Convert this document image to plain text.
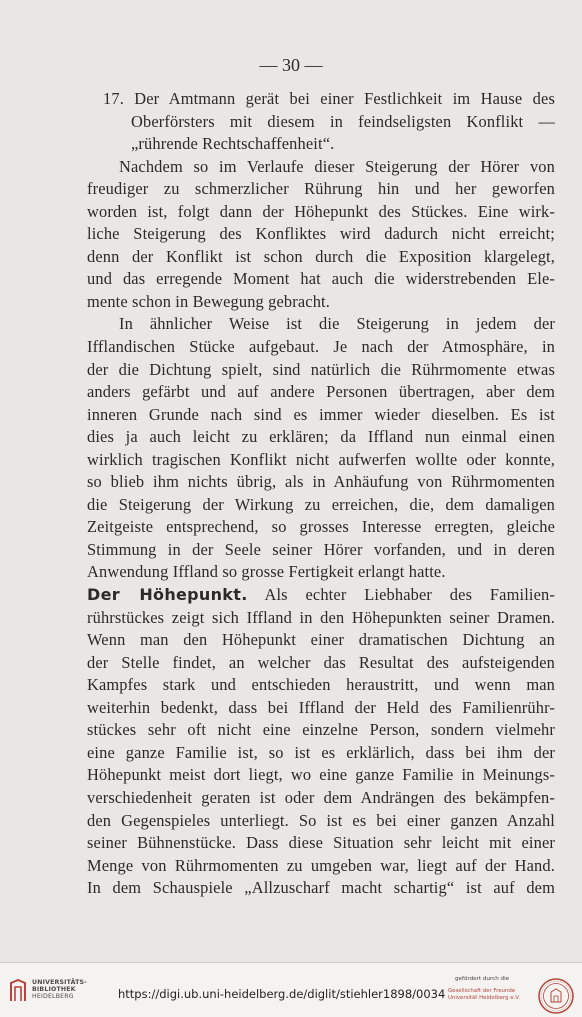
— 30 —
17. Der Amtmann gerät bei einer Festlichkeit im Hause des
Oberförsters mit diesem in feindseligsten Konflikt —
„rührende Rechtschaffenheit“.
Nachdem so im Verlaufe dieser Steigerung der Hörer von
freudiger zu schmerzlicher Rührung hin und her geworfen
worden ist, folgt dann der Höhepunkt des Stückes. Eine wirk-
liche Steigerung des Konfliktes wird dadurch nicht erreicht;
denn der Konflikt ist schon durch die Exposition klargelegt,
und das erregende Moment hat auch die widerstrebenden Ele-
mente schon in Bewegung gebracht.
In ähnlicher Weise ist die Steigerung in jedem der
Ifflandischen Stücke aufgebaut. Je nach der Atmosphäre, in
der die Dichtung spielt, sind natürlich die Rührmomente etwas
anders gefärbt und auf andere Personen übertragen, aber dem
inneren Grunde nach sind es immer wieder dieselben. Es ist
dies ja auch leicht zu erklären; da Iffland nun einmal einen
wirklich tragischen Konflikt nicht aufwerfen wollte oder konnte,
so blieb ihm nichts übrig, als in Anhäufung von Rührmomenten
die Steigerung der Wirkung zu erreichen, die, dem damaligen
Zeitgeiste entsprechend, so grosses Interesse erregten, gleiche
Stimmung in der Seele seiner Hörer vorfanden, und in deren
Anwendung Iffland so grosse Fertigkeit erlangt hatte.
Der Höhepunkt. Als echter Liebhaber des Familien-
rührstückes zeigt sich Iffland in den Höhepunkten seiner Dramen.
Wenn man den Höhepunkt einer dramatischen Dichtung an
der Stelle findet, an welcher das Resultat des aufsteigenden
Kampfes stark und entschieden heraustritt, und wenn man
weiterhin bedenkt, dass bei Iffland der Held des Familienrühr-
stückes sehr oft nicht eine einzelne Person, sondern vielmehr
eine ganze Familie ist, so ist es erklärlich, dass bei ihm der
Höhepunkt meist dort liegt, wo eine ganze Familie in Meinungs-
verschiedenheit geraten ist oder dem Andrängen des bekämpfen-
den Gegenspieles unterliegt. So ist es bei einer ganzen Anzahl
seiner Bühnenstücke. Dass diese Situation sehr leicht mit einer
Menge von Rührmomenten zu umgeben war, liegt auf der Hand.
In dem Schauspiele „Allzuscharf macht schartig“ ist auf dem
UNIVERSITÄTS-
BIBLIOTHEK
HEIDELBERG	https://digi.ub.uni-heidelberg.de/diglit/stiehler1898/0034
gefördert durch die
Gesellschaft der Freunde
Universität Heidelberg e.V.
